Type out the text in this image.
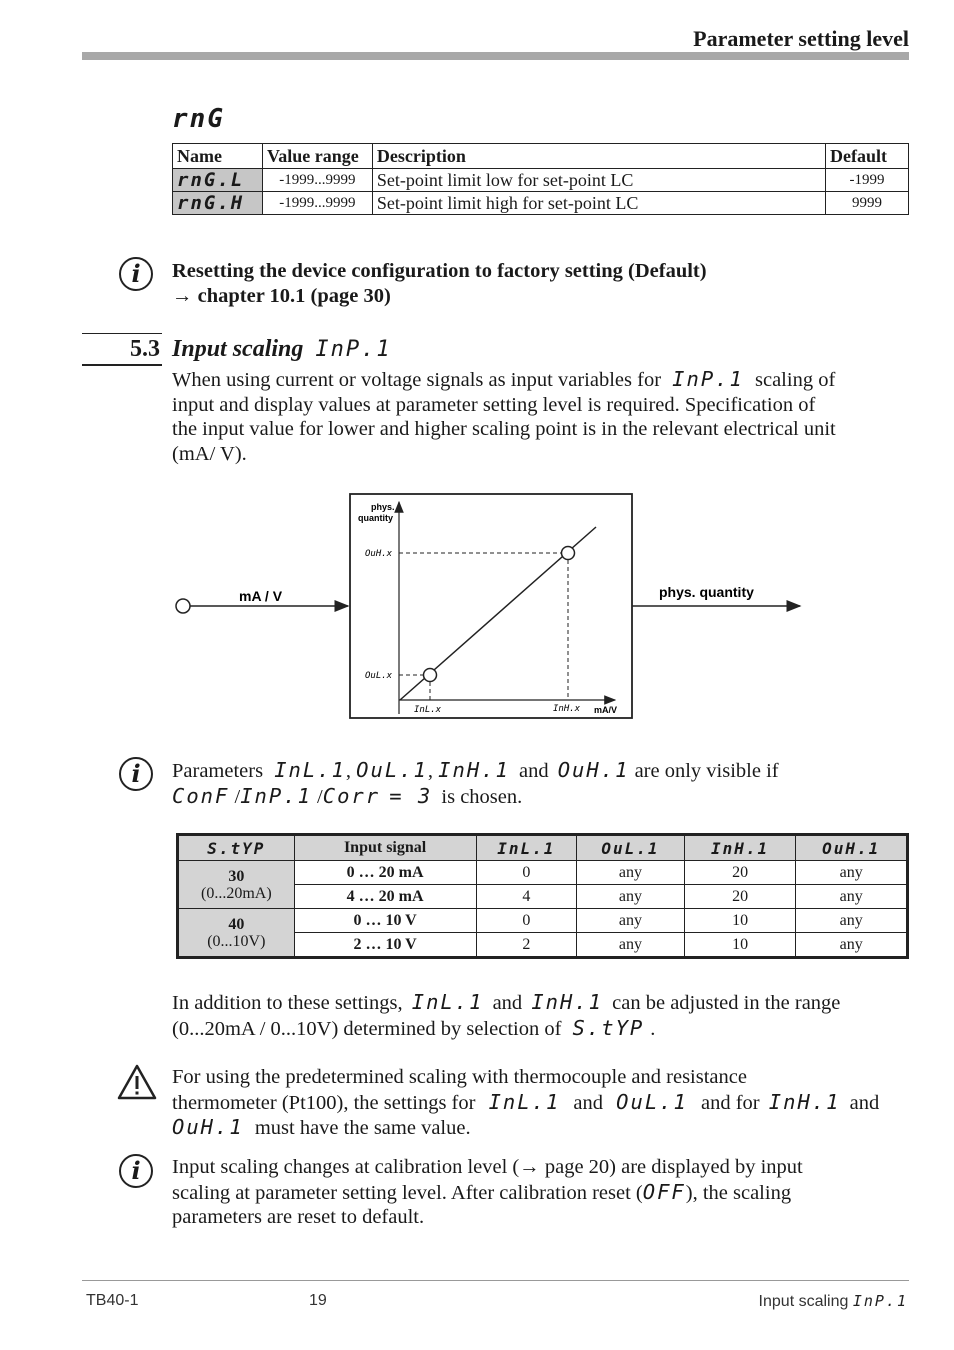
Parameter setting level
rnG
Name	Value range	Description	Default
rnG.L	-1999...9999	Set-point limit low for set-point LC	-1999
rnG.H	-1999...9999	Set-point limit high for set-point LC	9999
i	Resetting the device configuration to factory setting (Default)
→ chapter 10.1 (page 30)
5.3 Input scaling InP.1
When using current or voltage signals as input variables for InP.1 scaling of
input and display values at parameter setting level is required. Specification of
the input value for lower and higher scaling point is in the relevant electrical unit
(mA/ V).
mA / V	phys. quantity
phys.
quantity
mA/V
OuH.x
OuL.x
InL.x	InH.x
i	Parameters InL.1, OuL.1, InH.1 and OuH.1 are only visible if
ConF /InP.1 /Corr = 3 is chosen.
S.tYP	Input signal	InL.1	OuL.1	InH.1	OuH.1

30
(0...20mA)	0 … 20 mA	0	any	20	any
	4 … 20 mA	4	any	20	any

40
(0...10V)	0 … 10 V	0	any	10	any
	2 … 10 V	2	any	10	any
In addition to these settings, InL.1 and InH.1 can be adjusted in the range
(0...20mA / 0...10V) determined by selection of S.tYP .
For using the predetermined scaling with thermocouple and resistance
thermometer (Pt100), the settings for InL.1 and OuL.1 and for InH.1 and
OuH.1 must have the same value.
i	Input scaling changes at calibration level (→ page 20) are displayed by input
scaling at parameter setting level. After calibration reset (OFF), the scaling
parameters are reset to default.
TB40-1	19	Input scaling InP.1
